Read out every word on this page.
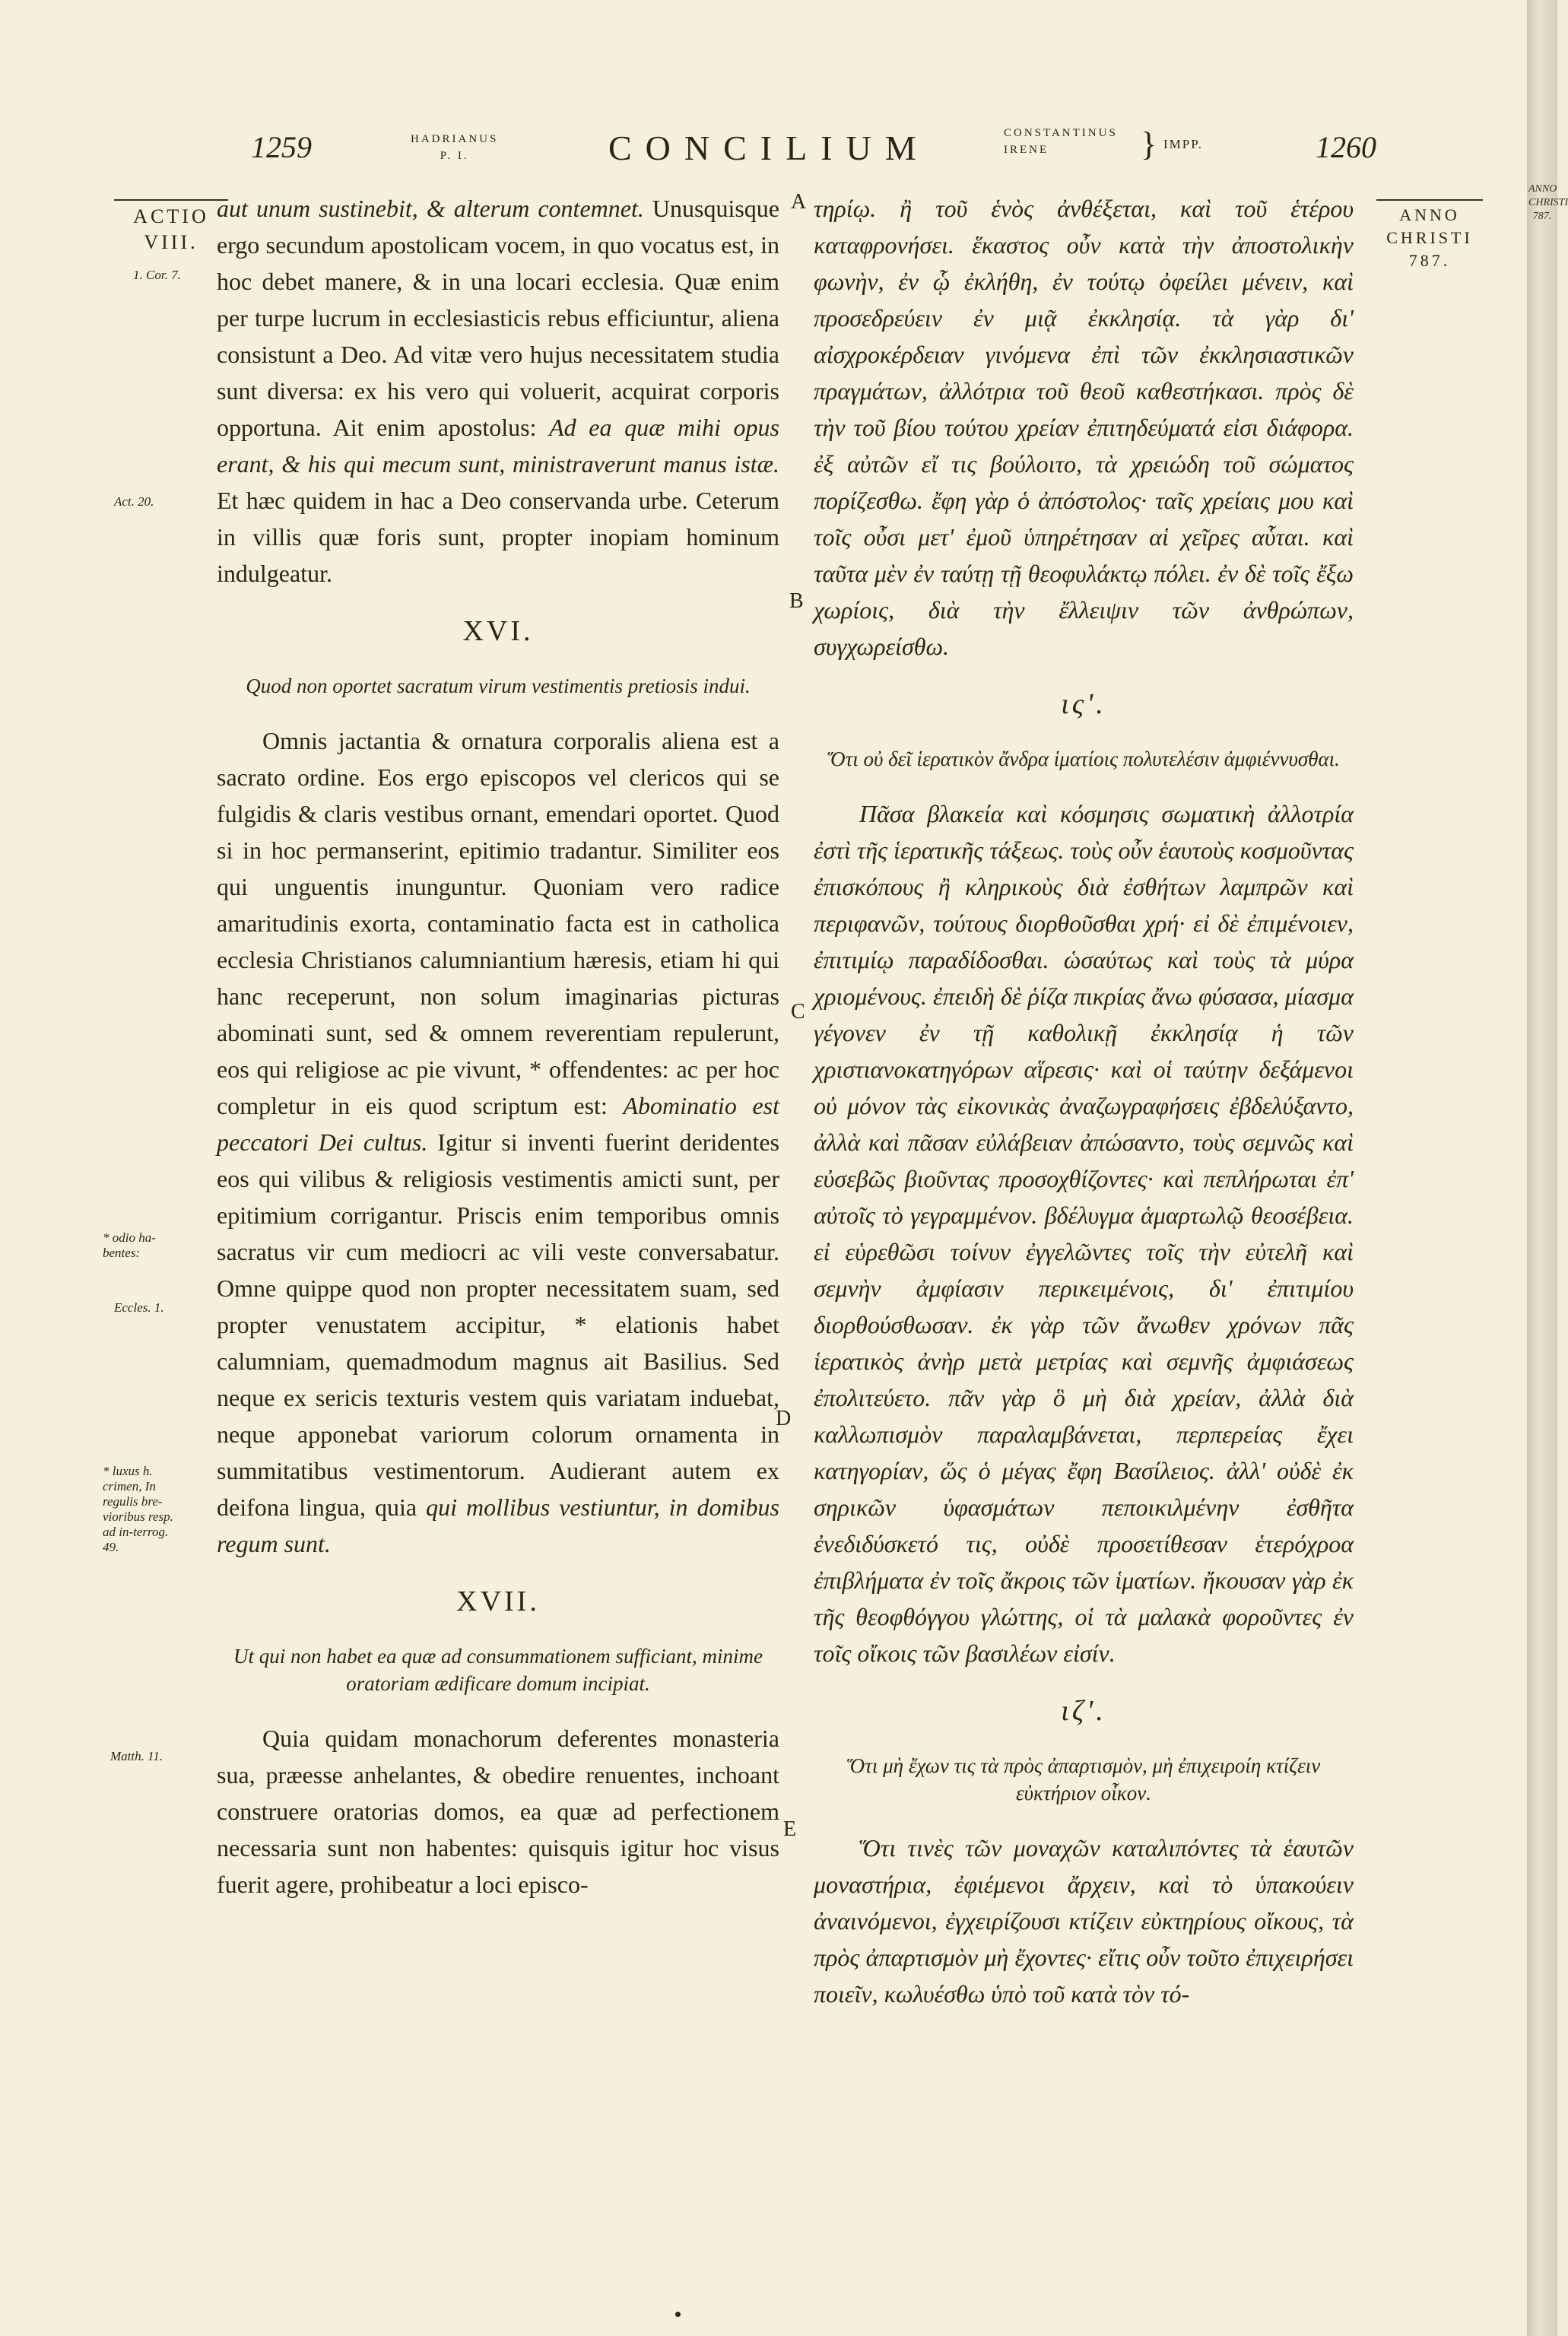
1259	HADRIANUS
P. I.	CONCILIUM	CONSTANTINUS
IRENE	} IMPP.	1260
ACTIO
VIII.
ANNO
CHRISTI
787.
1. Cor. 7.
Act. 20.
* odio ha-bentes:
Eccles. 1.
* luxus h. crimen, In regulis bre-vioribus resp. ad in-terrog. 49.
Matth. 11.
A
B
C
D
E

aut unum sustinebit, & alterum contemnet. Unusquisque ergo secundum apostolicam vocem, in quo vocatus est, in hoc debet manere, & in una locari ecclesia. Quæ enim per turpe lucrum in ecclesiasticis rebus efficiuntur, aliena consistunt a Deo. Ad vitæ vero hujus necessitatem studia sunt diversa: ex his vero qui voluerit, acquirat corporis opportuna. Ait enim apostolus: Ad ea quæ mihi opus erant, & his qui mecum sunt, ministraverunt manus istæ. Et hæc quidem in hac a Deo conservanda urbe. Ceterum in villis quæ foris sunt, propter inopiam hominum indulgeatur.

XVI.

Quod non oportet sacratum virum vestimentis pretiosis indui.

Omnis jactantia & ornatura corporalis aliena est a sacrato ordine. Eos ergo episcopos vel clericos qui se fulgidis & claris vestibus ornant, emendari oportet. Quod si in hoc permanserint, epitimio tradantur. Similiter eos qui unguentis inunguntur. Quoniam vero radice amaritudinis exorta, contaminatio facta est in catholica ecclesia Christianos calumniantium hæresis, etiam hi qui hanc receperunt, non solum imaginarias picturas abominati sunt, sed & omnem reverentiam repulerunt, eos qui religiose ac pie vivunt, * offendentes: ac per hoc completur in eis quod scriptum est: Abominatio est peccatori Dei cultus. Igitur si inventi fuerint deridentes eos qui vilibus & religiosis vestimentis amicti sunt, per epitimium corrigantur. Priscis enim temporibus omnis sacratus vir cum mediocri ac vili veste conversabatur. Omne quippe quod non propter necessitatem suam, sed propter venustatem accipitur, * elationis habet calumniam, quemadmodum magnus ait Basilius. Sed neque ex sericis texturis vestem quis variatam induebat, neque apponebat variorum colorum ornamenta in summitatibus vestimentorum. Audierant autem ex deifona lingua, quia qui mollibus vestiuntur, in domibus regum sunt.

XVII.

Ut qui non habet ea quæ ad consummationem sufficiant, minime oratoriam ædificare domum incipiat.

Quia quidam monachorum deferentes monasteria sua, præesse anhelantes, & obedire renuentes, inchoant construere oratorias domos, ea quæ ad perfectionem necessaria sunt non habentes: quisquis igitur hoc visus fuerit agere, prohibeatur a loci episco-

τηρίῳ. ἢ τοῦ ἑνὸς ἀνθέξεται, καὶ τοῦ ἑτέρου καταφρονήσει. ἕκαστος οὖν κατὰ τὴν ἀποστολικὴν φωνὴν, ἐν ᾧ ἐκλήθη, ἐν τούτῳ ὀφείλει μένειν, καὶ προσεδρεύειν ἐν μιᾷ ἐκκλησίᾳ. τὰ γὰρ δι' αἰσχροκέρδειαν γινόμενα ἐπὶ τῶν ἐκκλησιαστικῶν πραγμάτων, ἀλλότρια τοῦ θεοῦ καθεστήκασι. πρὸς δὲ τὴν τοῦ βίου τούτου χρείαν ἐπιτηδεύματά εἰσι διάφορα. ἐξ αὐτῶν εἴ τις βούλοιτο, τὰ χρειώδη τοῦ σώματος πορίζεσθω. ἔφη γὰρ ὁ ἀπόστολος· ταῖς χρείαις μου καὶ τοῖς οὖσι μετ' ἐμοῦ ὑπηρέτησαν αἱ χεῖρες αὗται. καὶ ταῦτα μὲν ἐν ταύτῃ τῇ θεοφυλάκτῳ πόλει. ἐν δὲ τοῖς ἔξω χωρίοις, διὰ τὴν ἔλλειψιν τῶν ἀνθρώπων, συγχωρείσθω.

ις'.

Ὅτι οὐ δεῖ ἱερατικὸν ἄνδρα ἱματίοις πολυτελέσιν ἀμφιέννυσθαι.

Πᾶσα βλακεία καὶ κόσμησις σωματικὴ ἀλλοτρία ἐστὶ τῆς ἱερατικῆς τάξεως. τοὺς οὖν ἑαυτοὺς κοσμοῦντας ἐπισκόπους ἢ κληρικοὺς διὰ ἐσθήτων λαμπρῶν καὶ περιφανῶν, τούτους διορθοῦσθαι χρή· εἰ δὲ ἐπιμένοιεν, ἐπιτιμίῳ παραδίδοσθαι. ὡσαύτως καὶ τοὺς τὰ μύρα χριομένους. ἐπειδὴ δὲ ῥίζα πικρίας ἄνω φύσασα, μίασμα γέγονεν ἐν τῇ καθολικῇ ἐκκλησίᾳ ἡ τῶν χριστιανοκατηγόρων αἵρεσις· καὶ οἱ ταύτην δεξάμενοι οὐ μόνον τὰς εἰκονικὰς ἀναζωγραφήσεις ἐβδελύξαντο, ἀλλὰ καὶ πᾶσαν εὐλάβειαν ἀπώσαντο, τοὺς σεμνῶς καὶ εὐσεβῶς βιοῦντας προσοχθίζοντες· καὶ πεπλήρωται ἐπ' αὐτοῖς τὸ γεγραμμένον. βδέλυγμα ἁμαρτωλῷ θεοσέβεια. εἰ εὑρεθῶσι τοίνυν ἐγγελῶντες τοῖς τὴν εὐτελῆ καὶ σεμνὴν ἀμφίασιν περικειμένοις, δι' ἐπιτιμίου διορθούσθωσαν. ἐκ γὰρ τῶν ἄνωθεν χρόνων πᾶς ἱερατικὸς ἀνὴρ μετὰ μετρίας καὶ σεμνῆς ἀμφιάσεως ἐπολιτεύετο. πᾶν γὰρ ὃ μὴ διὰ χρείαν, ἀλλὰ διὰ καλλωπισμὸν παραλαμβάνεται, περπερείας ἔχει κατηγορίαν, ὥς ὁ μέγας ἔφη Βασίλειος. ἀλλ' οὐδὲ ἐκ σηρικῶν ὑφασμάτων πεποικιλμένην ἐσθῆτα ἐνεδιδύσκετό τις, οὐδὲ προσετίθεσαν ἑτερόχροα ἐπιβλήματα ἐν τοῖς ἄκροις τῶν ἱματίων. ἤκουσαν γὰρ ἐκ τῆς θεοφθόγγου γλώττης, οἱ τὰ μαλακὰ φοροῦντες ἐν τοῖς οἴκοις τῶν βασιλέων εἰσίν.

ιζ'.

Ὅτι μὴ ἔχων τις τὰ πρὸς ἀπαρτισμὸν, μὴ ἐπιχειροίη κτίζειν εὐκτήριον οἶκον.

Ὅτι τινὲς τῶν μοναχῶν καταλιπόντες τὰ ἑαυτῶν μοναστήρια, ἐφιέμενοι ἄρχειν, καὶ τὸ ὑπακούειν ἀναινόμενοι, ἐγχειρίζουσι κτίζειν εὐκτηρίους οἴκους, τὰ πρὸς ἀπαρτισμὸν μὴ ἔχοντες· εἴτις οὖν τοῦτο ἐπιχειρήσει ποιεῖν, κωλυέσθω ὑπὸ τοῦ κατὰ τὸν τό-

ANNO
CHRISTI
787.
